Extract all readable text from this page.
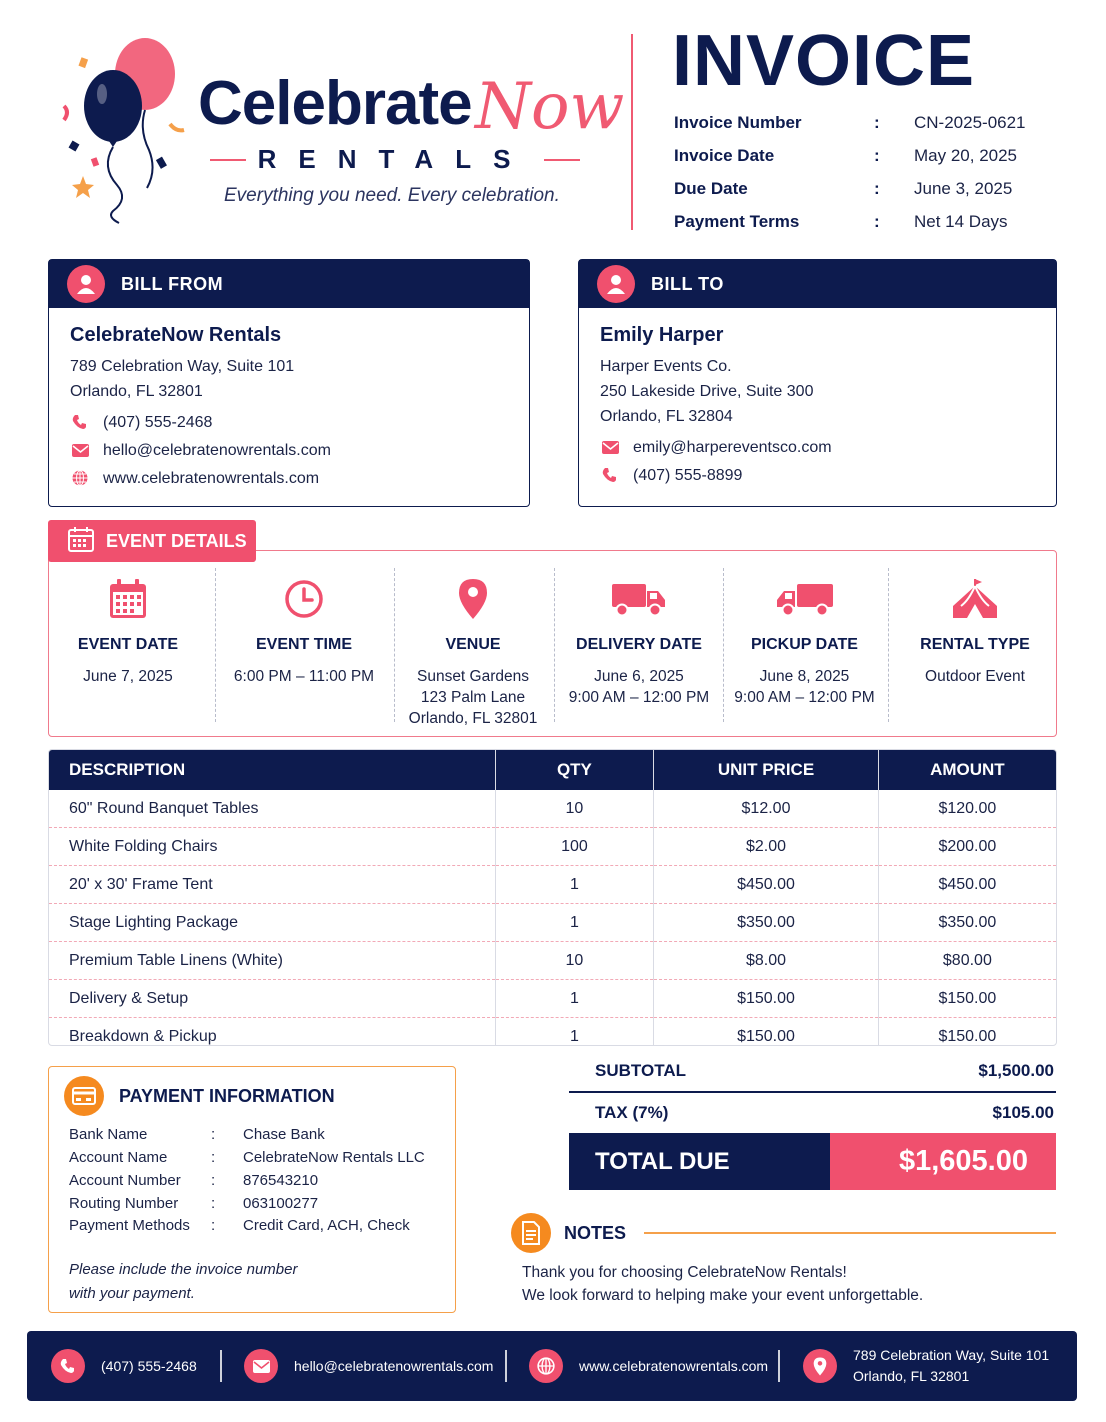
Celebrate Now
RENTALS
Everything you need. Every celebration.
INVOICE
Invoice Number	: CN-2025-0621
Invoice Date	: May 20, 2025
Due Date	: June 3, 2025
Payment Terms	: Net 14 Days
BILL FROM
CelebrateNow Rentals
789 Celebration Way, Suite 101
Orlando, FL 32801
(407) 555-2468
hello@celebratenowrentals.com
www.celebratenowrentals.com
BILL TO
Emily Harper
Harper Events Co.
250 Lakeside Drive, Suite 300
Orlando, FL 32804
emily@harpereventsco.com
(407) 555-8899
EVENT DETAILS
EVENT DATE
June 7, 2025
EVENT TIME
6:00 PM – 11:00 PM
VENUE
Sunset Gardens
123 Palm Lane
Orlando, FL 32801
DELIVERY DATE
June 6, 2025
9:00 AM – 12:00 PM
PICKUP DATE
June 8, 2025
9:00 AM – 12:00 PM
RENTAL TYPE
Outdoor Event
DESCRIPTION	QTY	UNIT PRICE	AMOUNT
60" Round Banquet Tables	10	$12.00	$120.00
White Folding Chairs	100	$2.00	$200.00
20' x 30' Frame Tent	1	$450.00	$450.00
Stage Lighting Package	1	$350.00	$350.00
Premium Table Linens (White)	10	$8.00	$80.00
Delivery & Setup	1	$150.00	$150.00
Breakdown & Pickup	1	$150.00	$150.00
PAYMENT INFORMATION
Bank Name	: Chase Bank
Account Name	: CelebrateNow Rentals LLC
Account Number : 876543210
Routing Number : 063100277
Payment Methods : Credit Card, ACH, Check
Please include the invoice number
with your payment.
SUBTOTAL	$1,500.00
TAX (7%)	$105.00
TOTAL DUE	$1,605.00
NOTES
Thank you for choosing CelebrateNow Rentals!
We look forward to helping make your event unforgettable.
(407) 555-2468	hello@celebratenowrentals.com	www.celebratenowrentals.com
789 Celebration Way, Suite 101
Orlando, FL 32801
